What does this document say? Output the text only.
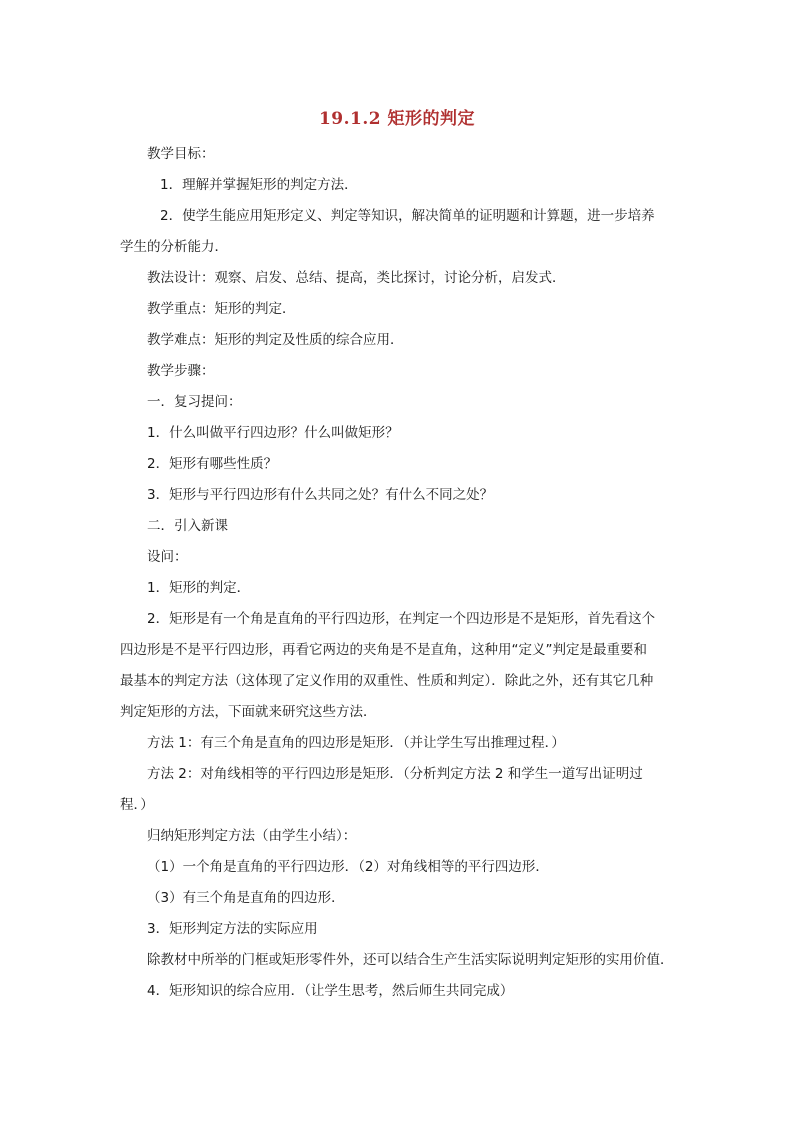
19.1.2 矩形的判定
教学目标：
1．理解并掌握矩形的判定方法．
2．使学生能应用矩形定义、判定等知识，解决简单的证明题和计算题，进一步培养
学生的分析能力．
教法设计：观察、启发、总结、提高，类比探讨，讨论分析，启发式．
教学重点：矩形的判定．
教学难点：矩形的判定及性质的综合应用．
教学步骤：
一．复习提问：
1．什么叫做平行四边形？什么叫做矩形？
2．矩形有哪些性质？
3．矩形与平行四边形有什么共同之处？有什么不同之处？
二．引入新课
设问：
1．矩形的判定．
2．矩形是有一个角是直角的平行四边形，在判定一个四边形是不是矩形，首先看这个
四边形是不是平行四边形，再看它两边的夹角是不是直角，这种用“定义”判定是最重要和
最基本的判定方法（这体现了定义作用的双重性、性质和判定）．除此之外，还有其它几种
判定矩形的方法，下面就来研究这些方法．
方法 1：有三个角是直角的四边形是矩形．（并让学生写出推理过程．）
方法 2：对角线相等的平行四边形是矩形．（分析判定方法 2 和学生一道写出证明过
程．）
归纳矩形判定方法（由学生小结）：
（1）一个角是直角的平行四边形．（2）对角线相等的平行四边形．
（3）有三个角是直角的四边形．
3．矩形判定方法的实际应用
除教材中所举的门框或矩形零件外，还可以结合生产生活实际说明判定矩形的实用价值．
4．矩形知识的综合应用．（让学生思考，然后师生共同完成）
